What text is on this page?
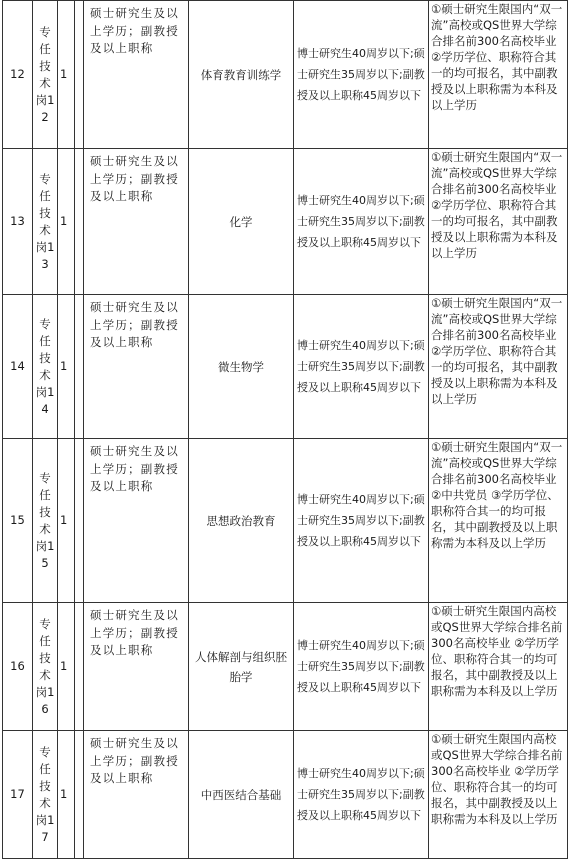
12	专任技术岗12	1		硕士研究生及以上学历；副教授及以上职称	体育教育训练学	博士研究生40周岁以下;硕士研究生35周岁以下;副教授及以上职称45周岁以下	①硕士研究生限国内“双一流”高校或QS世界大学综合排名前300名高校毕业 ②学历学位、职称符合其一的均可报名，其中副教授及以上职称需为本科及以上学历
13	专任技术岗13	1		硕士研究生及以上学历；副教授及以上职称	化学	博士研究生40周岁以下;硕士研究生35周岁以下;副教授及以上职称45周岁以下	①硕士研究生限国内“双一流”高校或QS世界大学综合排名前300名高校毕业 ②学历学位、职称符合其一的均可报名，其中副教授及以上职称需为本科及以上学历
14	专任技术岗14	1		硕士研究生及以上学历；副教授及以上职称	微生物学	博士研究生40周岁以下;硕士研究生35周岁以下;副教授及以上职称45周岁以下	①硕士研究生限国内“双一流”高校或QS世界大学综合排名前300名高校毕业 ②学历学位、职称符合其一的均可报名，其中副教授及以上职称需为本科及以上学历
15	专任技术岗15	1		硕士研究生及以上学历；副教授及以上职称	思想政治教育	博士研究生40周岁以下;硕士研究生35周岁以下;副教授及以上职称45周岁以下	①硕士研究生限国内“双一流”高校或QS世界大学综合排名前300名高校毕业 ②中共党员 ③学历学位、职称符合其一的均可报名，其中副教授及以上职称需为本科及以上学历
16	专任技术岗16	1		硕士研究生及以上学历；副教授及以上职称	人体解剖与组织胚胎学	博士研究生40周岁以下;硕士研究生35周岁以下;副教授及以上职称45周岁以下	①硕士研究生限国内高校或QS世界大学综合排名前300名高校毕业 ②学历学位、职称符合其一的均可报名，其中副教授及以上职称需为本科及以上学历
17	专任技术岗17	1		硕士研究生及以上学历；副教授及以上职称	中西医结合基础	博士研究生40周岁以下;硕士研究生35周岁以下;副教授及以上职称45周岁以下	①硕士研究生限国内高校或QS世界大学综合排名前300名高校毕业 ②学历学位、职称符合其一的均可报名，其中副教授及以上职称需为本科及以上学历
